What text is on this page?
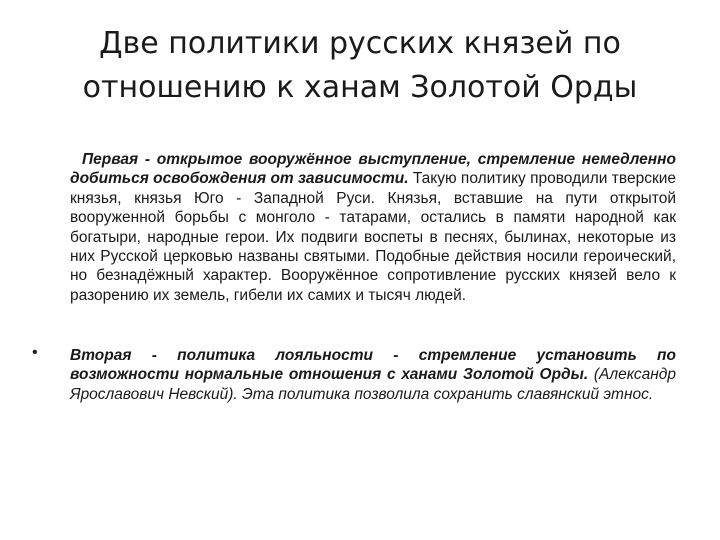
Две политики русских князей по
отношению к ханам Золотой Орды

Первая - открытое вооружённое выступление, стремление немедленно добиться освобождения от зависимости. Такую политику проводили тверские князья, князья Юго - Западной Руси. Князья, вставшие на пути открытой вооруженной борьбы с монголо - татарами, остались в памяти народной как богатыри, народные герои. Их подвиги воспеты в песнях, былинах, некоторые из них Русской церковью названы святыми. Подобные действия носили героический, но безнадёжный характер. Вооружённое сопротивление русских князей вело к разорению их земель, гибели их самих и тысяч людей.

• Вторая - политика лояльности - стремление установить по возможности нормальные отношения с ханами Золотой Орды. (Александр Ярославович Невский). Эта политика позволила сохранить славянский этнос.
